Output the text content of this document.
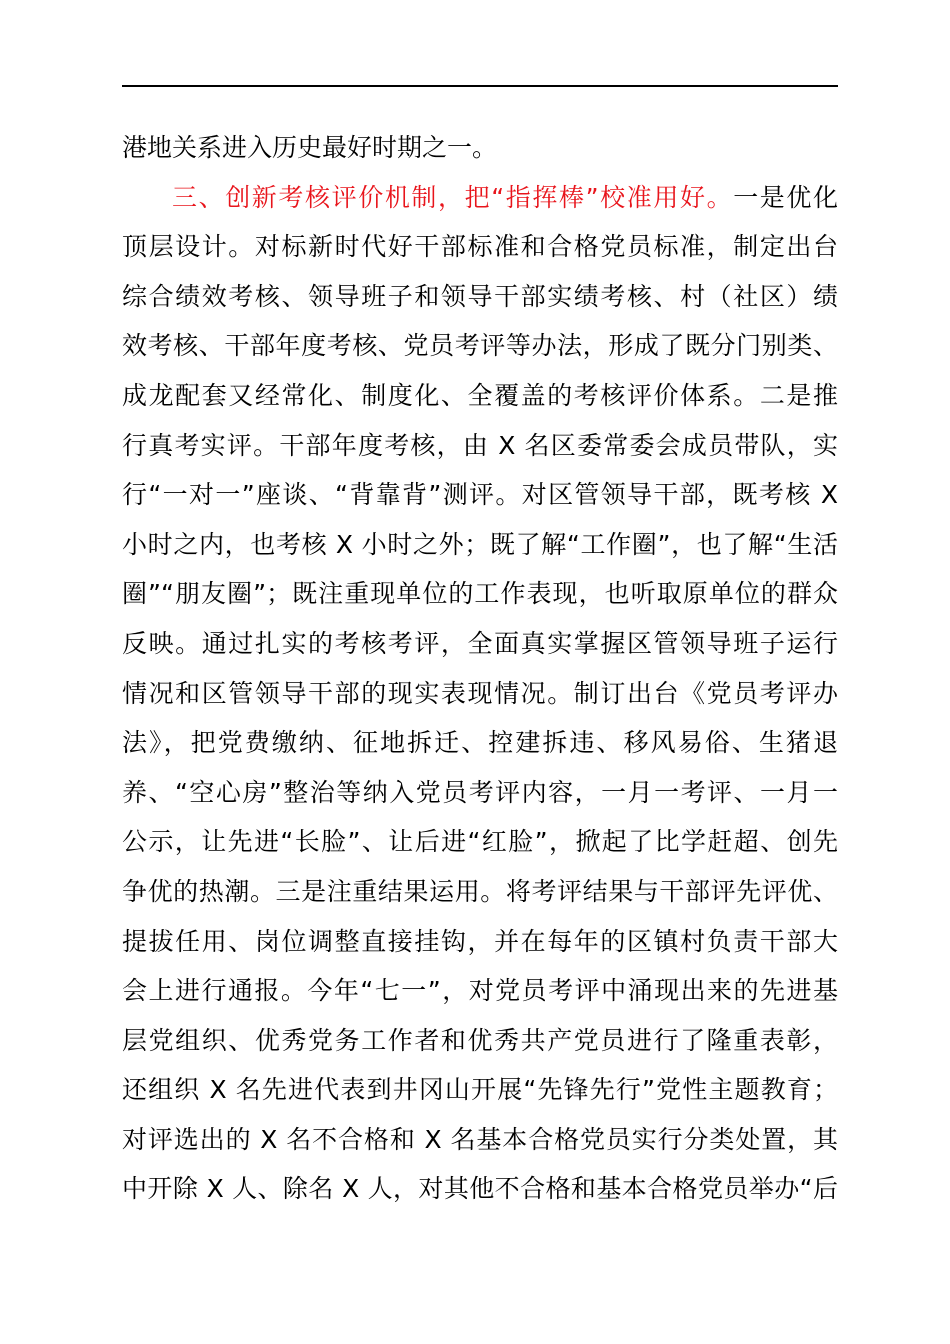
港地关系进入历史最好时期之一。
三、创新考核评价机制，把“指挥棒”校准用好。一是优化
顶层设计。对标新时代好干部标准和合格党员标准，制定出台
综合绩效考核、领导班子和领导干部实绩考核、村（社区）绩
效考核、干部年度考核、党员考评等办法，形成了既分门别类、
成龙配套又经常化、制度化、全覆盖的考核评价体系。二是推
行真考实评。干部年度考核，由 X 名区委常委会成员带队，实
行“一对一”座谈、“背靠背”测评。对区管领导干部，既考核 X
小时之内，也考核 X 小时之外；既了解“工作圈”，也了解“生活
圈”“朋友圈”；既注重现单位的工作表现，也听取原单位的群众
反映。通过扎实的考核考评，全面真实掌握区管领导班子运行
情况和区管领导干部的现实表现情况。制订出台《党员考评办
法》，把党费缴纳、征地拆迁、控建拆违、移风易俗、生猪退
养、“空心房”整治等纳入党员考评内容，一月一考评、一月一
公示，让先进“长脸”、让后进“红脸”，掀起了比学赶超、创先
争优的热潮。三是注重结果运用。将考评结果与干部评先评优、
提拔任用、岗位调整直接挂钩，并在每年的区镇村负责干部大
会上进行通报。今年“七一”，对党员考评中涌现出来的先进基
层党组织、优秀党务工作者和优秀共产党员进行了隆重表彰，
还组织 X 名先进代表到井冈山开展“先锋先行”党性主题教育；
对评选出的 X 名不合格和 X 名基本合格党员实行分类处置，其
中开除 X 人、除名 X 人，对其他不合格和基本合格党员举办“后
